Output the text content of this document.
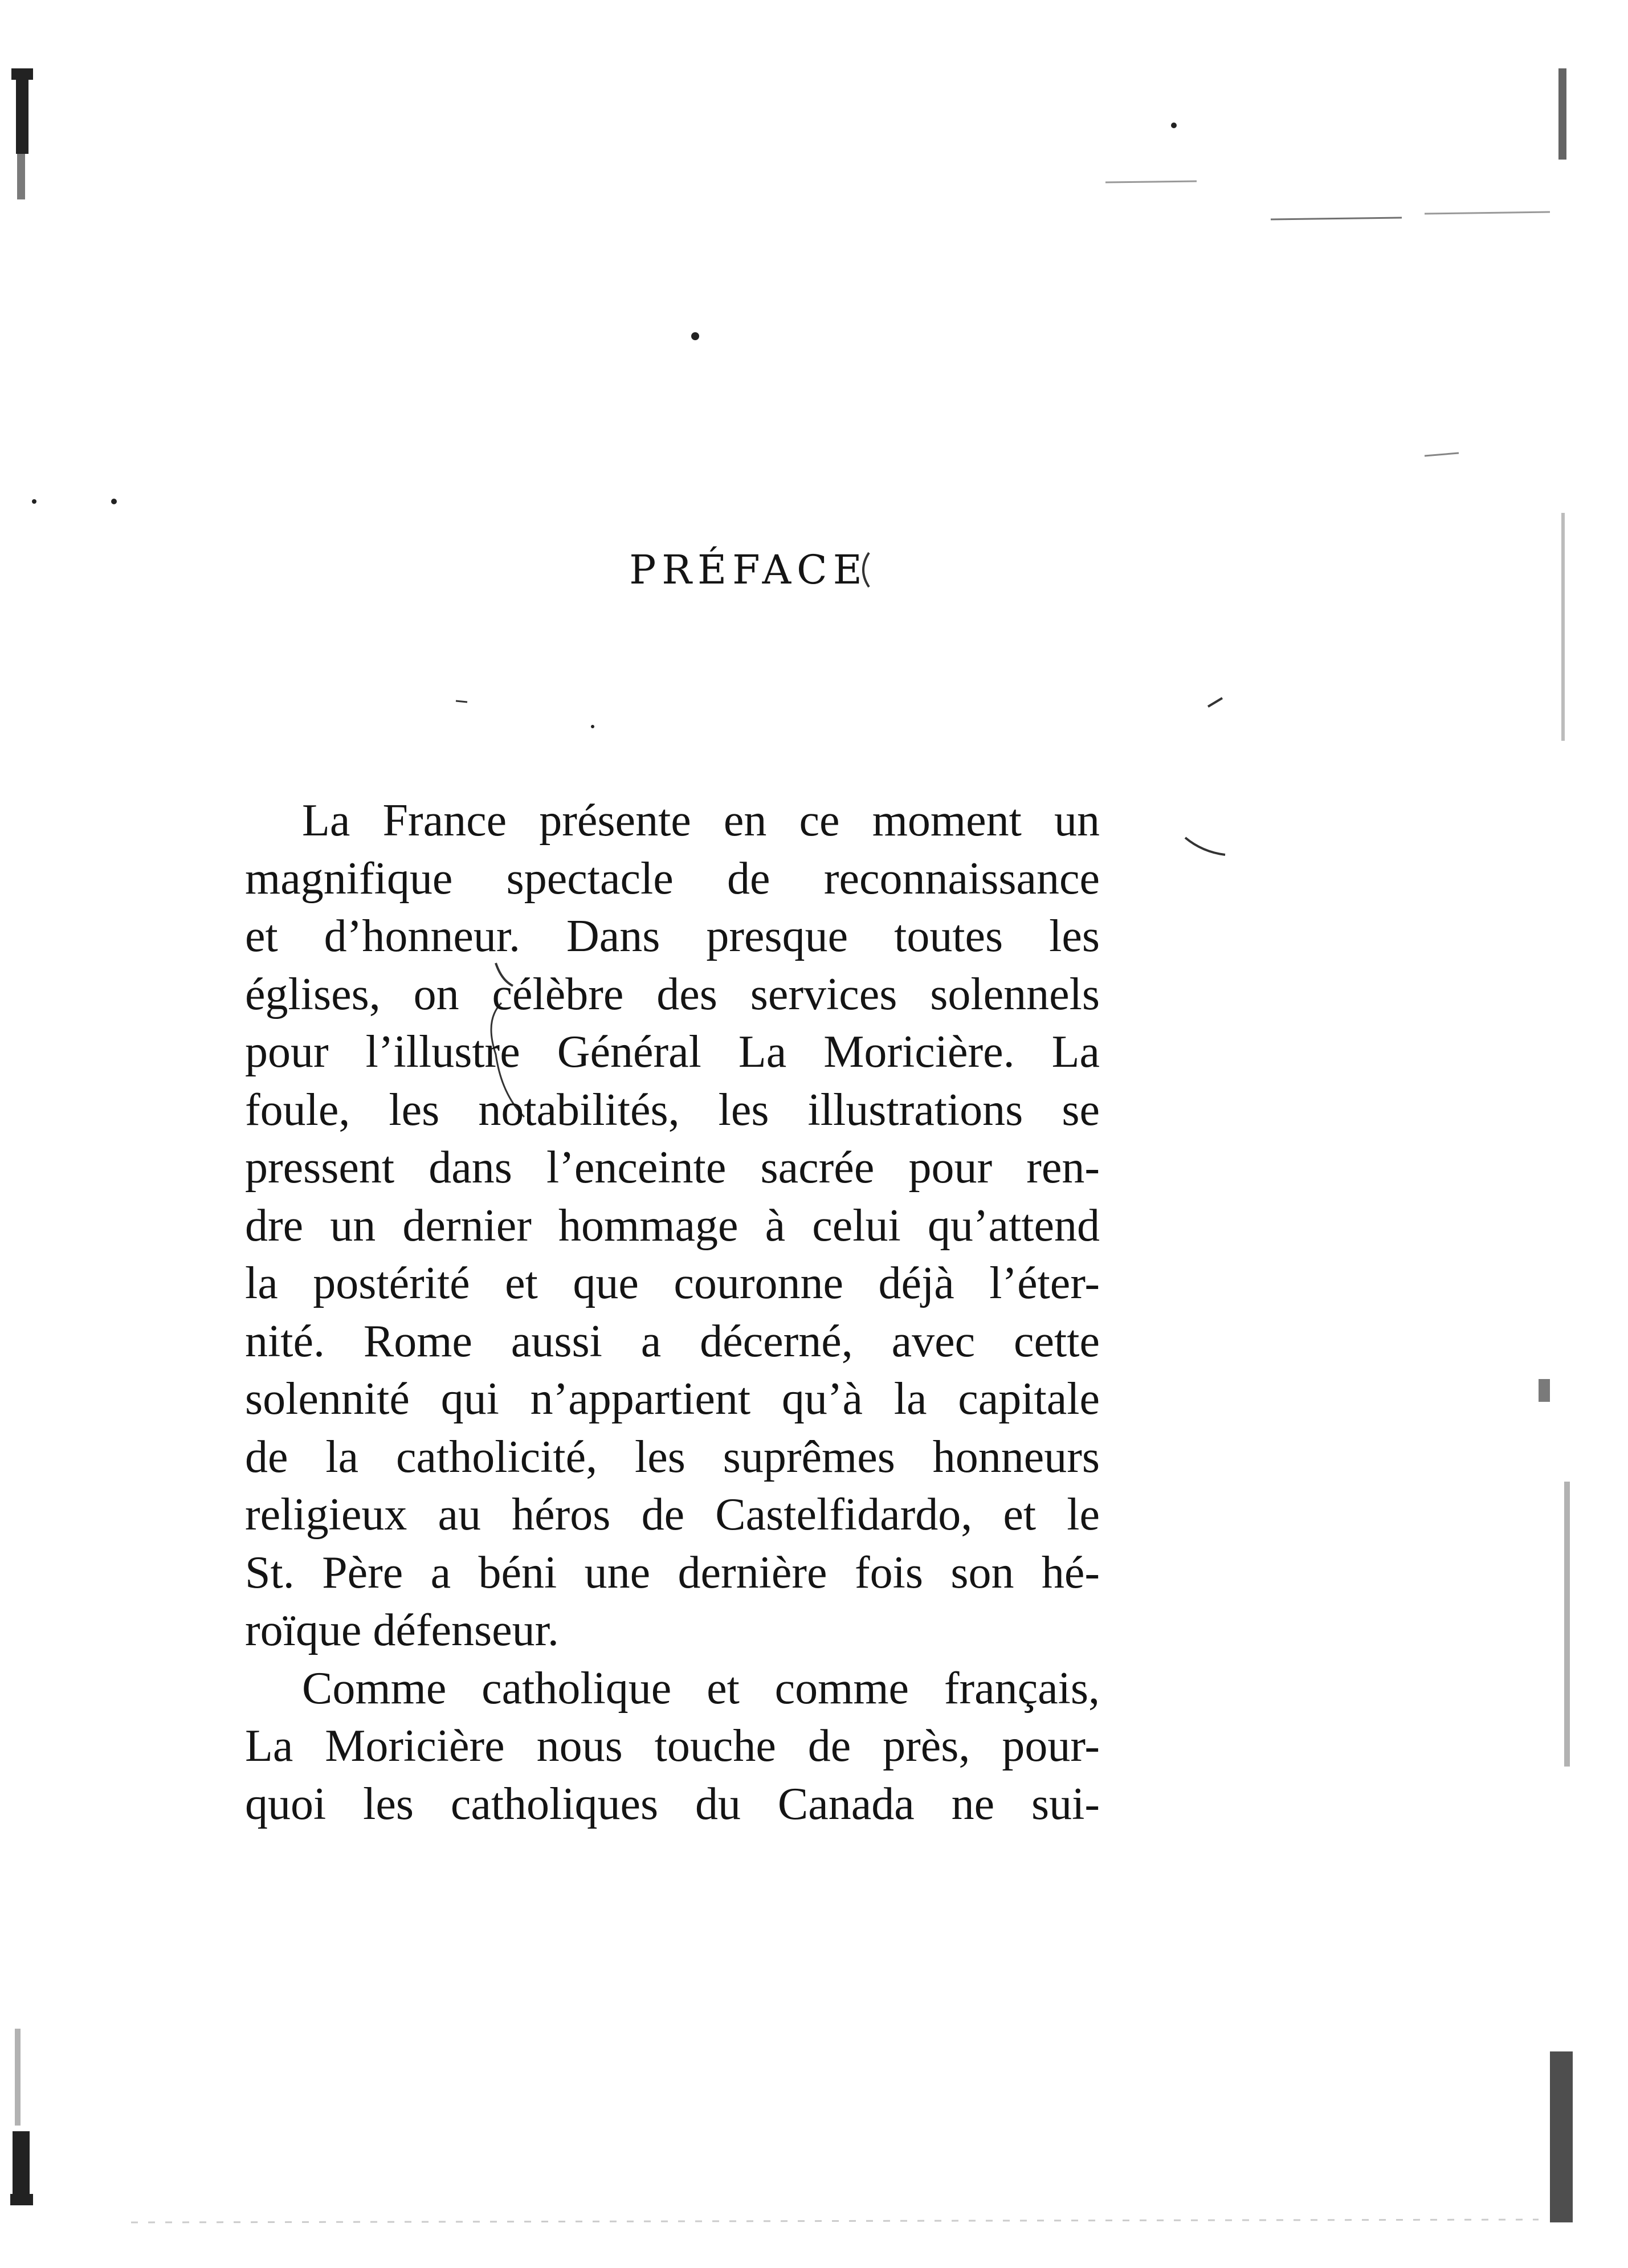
PRÉFACE
La France présente en ce moment un
magnifique spectacle de reconnaissance
et d’honneur. Dans presque toutes les
églises, on célèbre des services solennels
pour l’illustre Général La Moricière. La
foule, les notabilités, les illustrations se
pressent dans l’enceinte sacrée pour ren-
dre un dernier hommage à celui qu’attend
la postérité et que couronne déjà l’éter-
nité. Rome aussi a décerné, avec cette
solennité qui n’appartient qu’à la capitale
de la catholicité, les suprêmes honneurs
religieux au héros de Castelfidardo, et le
St. Père a béni une dernière fois son hé-
roïque défenseur.
Comme catholique et comme français,
La Moricière nous touche de près, pour-
quoi les catholiques du Canada ne sui-
